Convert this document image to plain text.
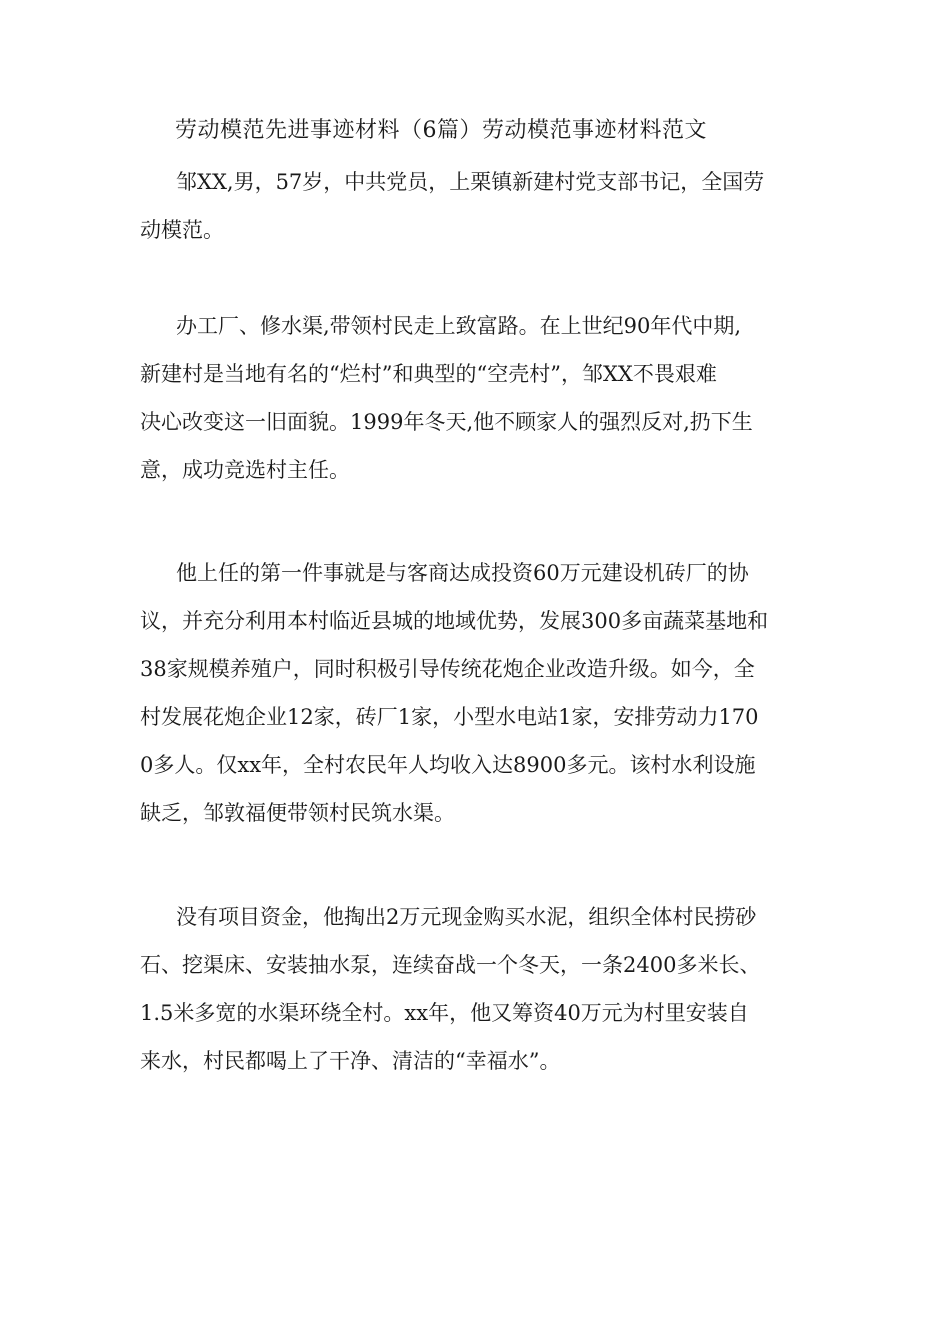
劳动模范先进事迹材料（6篇）劳动模范事迹材料范文
邹XX,男，57岁，中共党员，上栗镇新建村党支部书记，全国劳
动模范。
办工厂、修水渠,带领村民走上致富路。在上世纪90年代中期,
新建村是当地有名的“烂村”和典型的“空壳村”，邹XX不畏艰难
决心改变这一旧面貌。1999年冬天,他不顾家人的强烈反对,扔下生
意，成功竞选村主任。
他上任的第一件事就是与客商达成投资60万元建设机砖厂的协
议，并充分利用本村临近县城的地域优势，发展300多亩蔬菜基地和
38家规模养殖户，同时积极引导传统花炮企业改造升级。如今，全
村发展花炮企业12家，砖厂1家，小型水电站1家，安排劳动力170
0多人。仅xx年，全村农民年人均收入达8900多元。该村水利设施
缺乏，邹敦福便带领村民筑水渠。
没有项目资金，他掏出2万元现金购买水泥，组织全体村民捞砂
石、挖渠床、安装抽水泵，连续奋战一个冬天，一条2400多米长、
1.5米多宽的水渠环绕全村。xx年，他又筹资40万元为村里安装自
来水，村民都喝上了干净、清洁的“幸福水”。
